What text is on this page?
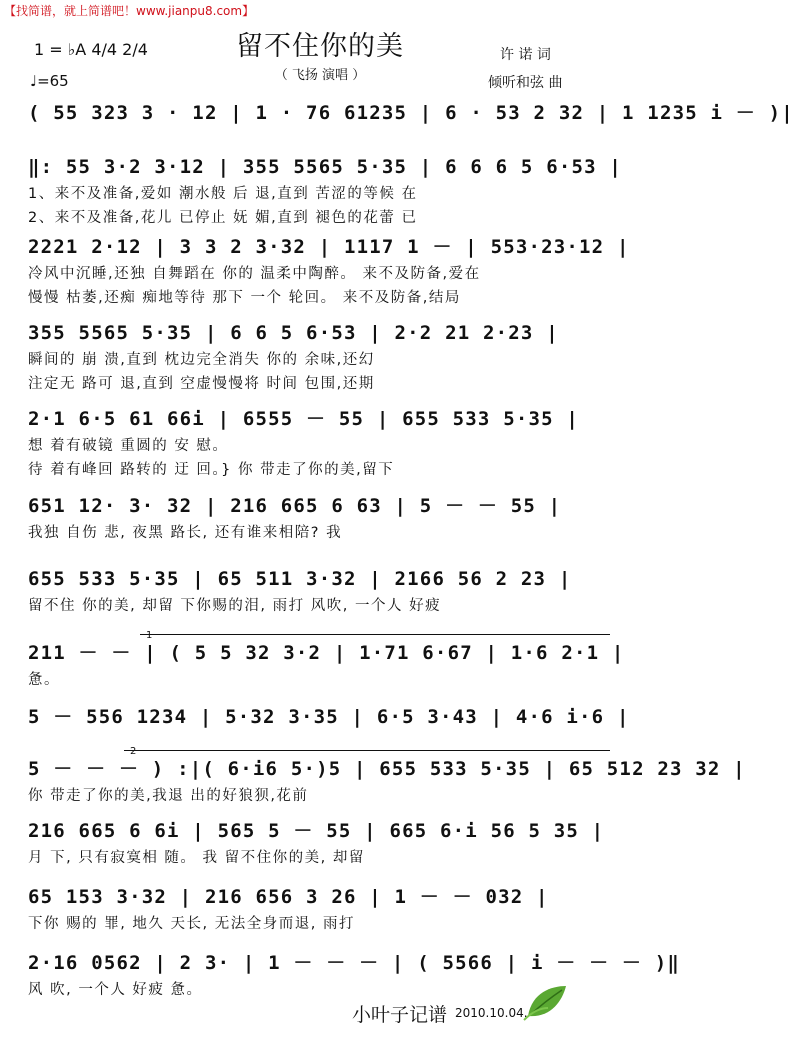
【找简谱，就上简谱吧！www.jianpu8.com】
留不住你的美
（ 飞扬 演唱 ）
1 = ♭A 4/4 2/4
♩=65
许 诺 词
倾听和弦 曲
( 55 323 3 · 12 | 1 · 76 61235 | 6 · 53 2 32 | 1 1235 i － )|
‖: 55 3·2 3·12 | 355 5565 5·35 | 6 6 6 5 6·53 |
1、来不及准备,爱如 潮水般 后 退,直到 苦涩的等候 在
2、来不及准备,花儿 已停止 妩 媚,直到 褪色的花蕾 已
2221 2·12 | 3 3 2 3·32 | 1117 1 － | 553·23·12 |
冷风中沉睡,还独 自舞蹈在 你的 温柔中陶醉。 来不及防备,爱在
慢慢 枯萎,还痴 痴地等待 那下 一个 轮回。 来不及防备,结局
355 5565 5·35 | 6 6 5 6·53 | 2·2 21 2·23 |
瞬间的 崩 溃,直到 枕边完全消失 你的 余味,还幻
注定无 路可 退,直到 空虚慢慢将 时间 包围,还期
2·1 6·5 61 66i | 6555 － 55 | 655 533 5·35 |
想 着有破镜 重圆的 安 慰。
待 着有峰回 路转的 迂 回。} 你 带走了你的美,留下
651 12· 3· 32 | 216 665 6 63 | 5 － － 55 |
我独 自伤 悲, 夜黑 路长, 还有谁来相陪? 我
655 533 5·35 | 65 511 3·32 | 2166 56 2 23 |
留不住 你的美, 却留 下你赐的泪, 雨打 风吹, 一个人 好疲
211 － － | ( 5 5 32 3·2 | 1·71 6·67 | 1·6 2·1 |
1
惫。
5 － 556 1234 | 5·32 3·35 | 6·5 3·43 | 4·6 i·6 |
5 － － － ) :|( 6·i6 5·)5 | 655 533 5·35 | 65 512 23 32 |
2
你 带走了你的美,我退 出的好狼狈,花前
216 665 6 6i | 565 5 － 55 | 665 6·i 56 5 35 |
月 下, 只有寂寞相 随。 我 留不住你的美, 却留
65 153 3·32 | 216 656 3 26 | 1 － － 032 |
下你 赐的 罪, 地久 天长, 无法全身而退, 雨打
2·16 0562 | 2 3· | 1 － － － | ( 5566 | i － － － )‖
风 吹, 一个人 好疲 惫。
小叶子记谱 2010.10.04.
